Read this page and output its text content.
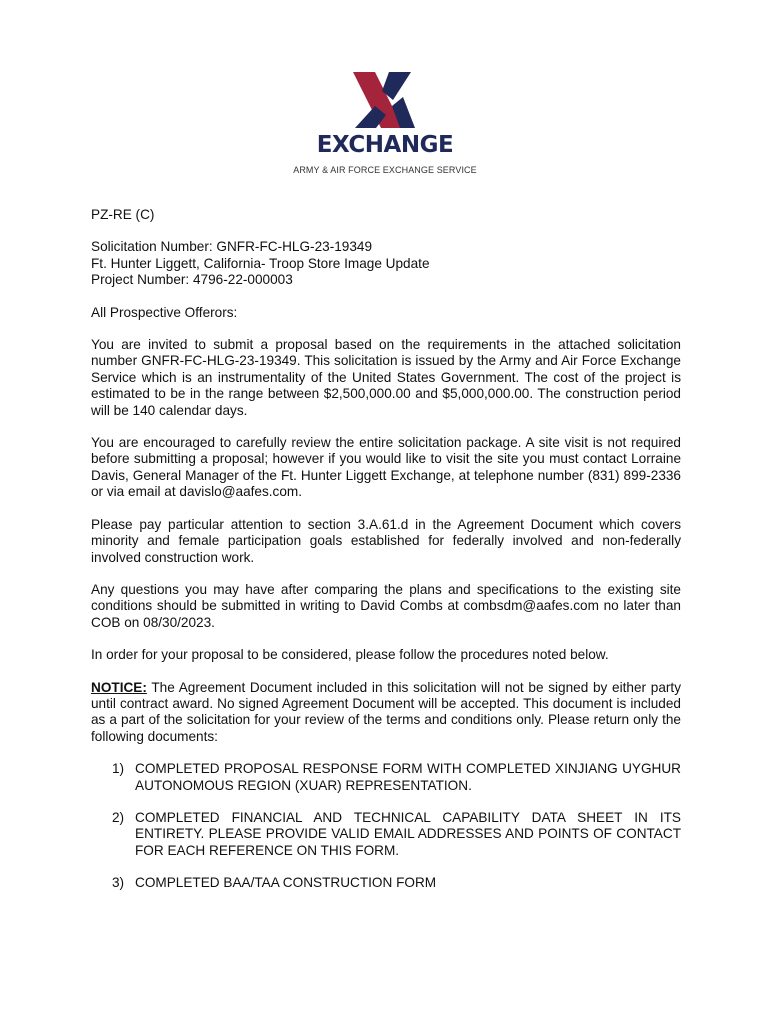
™
EXCHANGE
ARMY & AIR FORCE EXCHANGE SERVICE

PZ-RE (C)

Solicitation Number: GNFR-FC-HLG-23-19349
Ft. Hunter Liggett, California- Troop Store Image Update
Project Number: 4796-22-000003

All Prospective Offerors:

You are invited to submit a proposal based on the requirements in the attached solicitation number GNFR-FC-HLG-23-19349. This solicitation is issued by the Army and Air Force Exchange Service which is an instrumentality of the United States Government. The cost of the project is estimated to be in the range between $2,500,000.00 and $5,000,000.00. The construction period will be 140 calendar days.

You are encouraged to carefully review the entire solicitation package. A site visit is not required before submitting a proposal; however if you would like to visit the site you must contact Lorraine Davis, General Manager of the Ft. Hunter Liggett Exchange, at telephone number (831) 899-2336 or via email at davislo@aafes.com.

Please pay particular attention to section 3.A.61.d in the Agreement Document which covers minority and female participation goals established for federally involved and non-federally involved construction work.

Any questions you may have after comparing the plans and specifications to the existing site conditions should be submitted in writing to David Combs at combsdm@aafes.com no later than COB on 08/30/2023.

In order for your proposal to be considered, please follow the procedures noted below.

NOTICE: The Agreement Document included in this solicitation will not be signed by either party until contract award. No signed Agreement Document will be accepted. This document is included as a part of the solicitation for your review of the terms and conditions only. Please return only the following documents:

1) COMPLETED PROPOSAL RESPONSE FORM WITH COMPLETED XINJIANG UYGHUR AUTONOMOUS REGION (XUAR) REPRESENTATION.
2) COMPLETED FINANCIAL AND TECHNICAL CAPABILITY DATA SHEET IN ITS ENTIRETY. PLEASE PROVIDE VALID EMAIL ADDRESSES AND POINTS OF CONTACT FOR EACH REFERENCE ON THIS FORM.
3) COMPLETED BAA/TAA CONSTRUCTION FORM
